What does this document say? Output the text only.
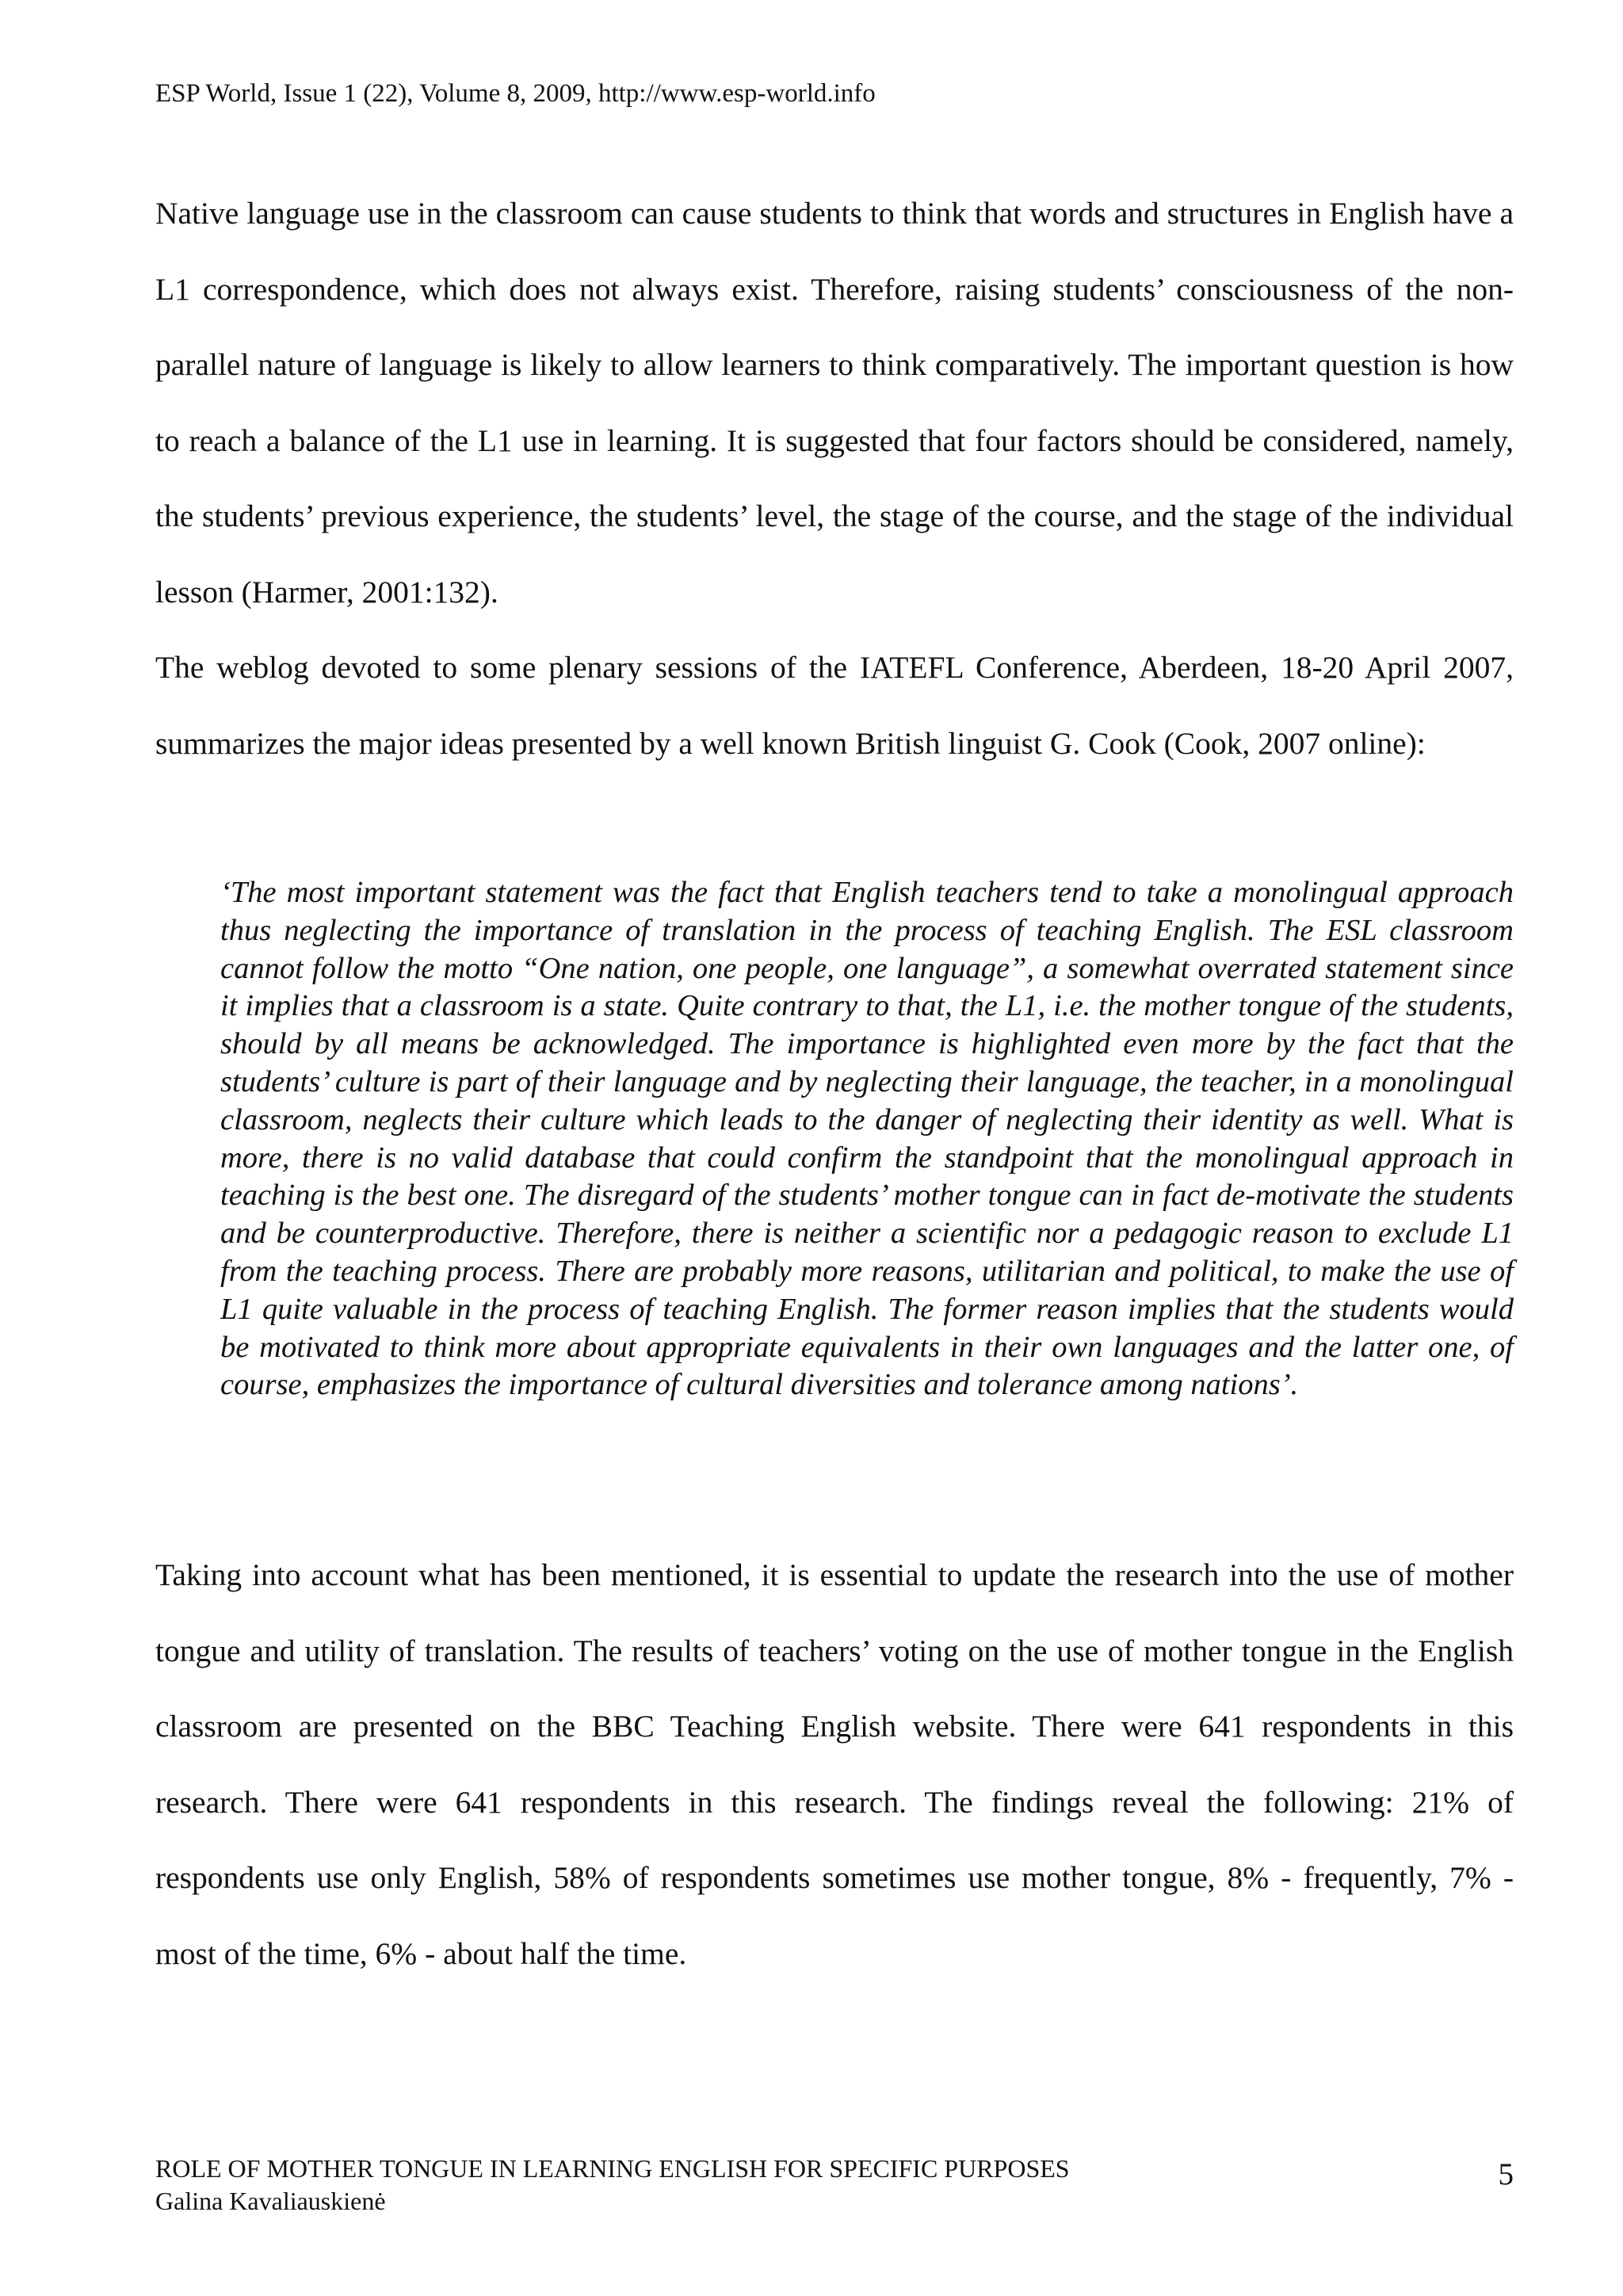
ESP World, Issue 1 (22), Volume 8, 2009, http://www.esp-world.info

Native language use in the classroom can cause students to think that words and structures in English have a L1 correspondence, which does not always exist. Therefore, raising students’ consciousness of the non-parallel nature of language is likely to allow learners to think comparatively. The important question is how to reach a balance of the L1 use in learning. It is suggested that four factors should be considered, namely, the students’ previous experience, the students’ level, the stage of the course, and the stage of the individual lesson (Harmer, 2001:132).

The weblog devoted to some plenary sessions of the IATEFL Conference, Aberdeen, 18-20 April 2007, summarizes the major ideas presented by a well known British linguist G. Cook (Cook, 2007 online):

‘The most important statement was the fact that English teachers tend to take a monolingual approach thus neglecting the importance of translation in the process of teaching English. The ESL classroom cannot follow the motto “One nation, one people, one language”, a somewhat overrated statement since it implies that a classroom is a state. Quite contrary to that, the L1, i.e. the mother tongue of the students, should by all means be acknowledged. The importance is highlighted even more by the fact that the students’ culture is part of their language and by neglecting their language, the teacher, in a monolingual classroom, neglects their culture which leads to the danger of neglecting their identity as well. What is more, there is no valid database that could confirm the standpoint that the monolingual approach in teaching is the best one. The disregard of the students’ mother tongue can in fact de-motivate the students and be counterproductive. Therefore, there is neither a scientific nor a pedagogic reason to exclude L1 from the teaching process. There are probably more reasons, utilitarian and political, to make the use of L1 quite valuable in the process of teaching English. The former reason implies that the students would be motivated to think more about appropriate equivalents in their own languages and the latter one, of course, emphasizes the importance of cultural diversities and tolerance among nations’.

Taking into account what has been mentioned, it is essential to update the research into the use of mother tongue and utility of translation. The results of teachers’ voting on the use of mother tongue in the English classroom are presented on the BBC Teaching English website. There were 641 respondents in this research. There were 641 respondents in this research. The findings reveal the following: 21% of respondents use only English, 58% of respondents sometimes use mother tongue, 8% - frequently, 7% - most of the time, 6% - about half the time.

ROLE OF MOTHER TONGUE IN LEARNING ENGLISH FOR SPECIFIC PURPOSES
Galina Kavaliauskienė
5
